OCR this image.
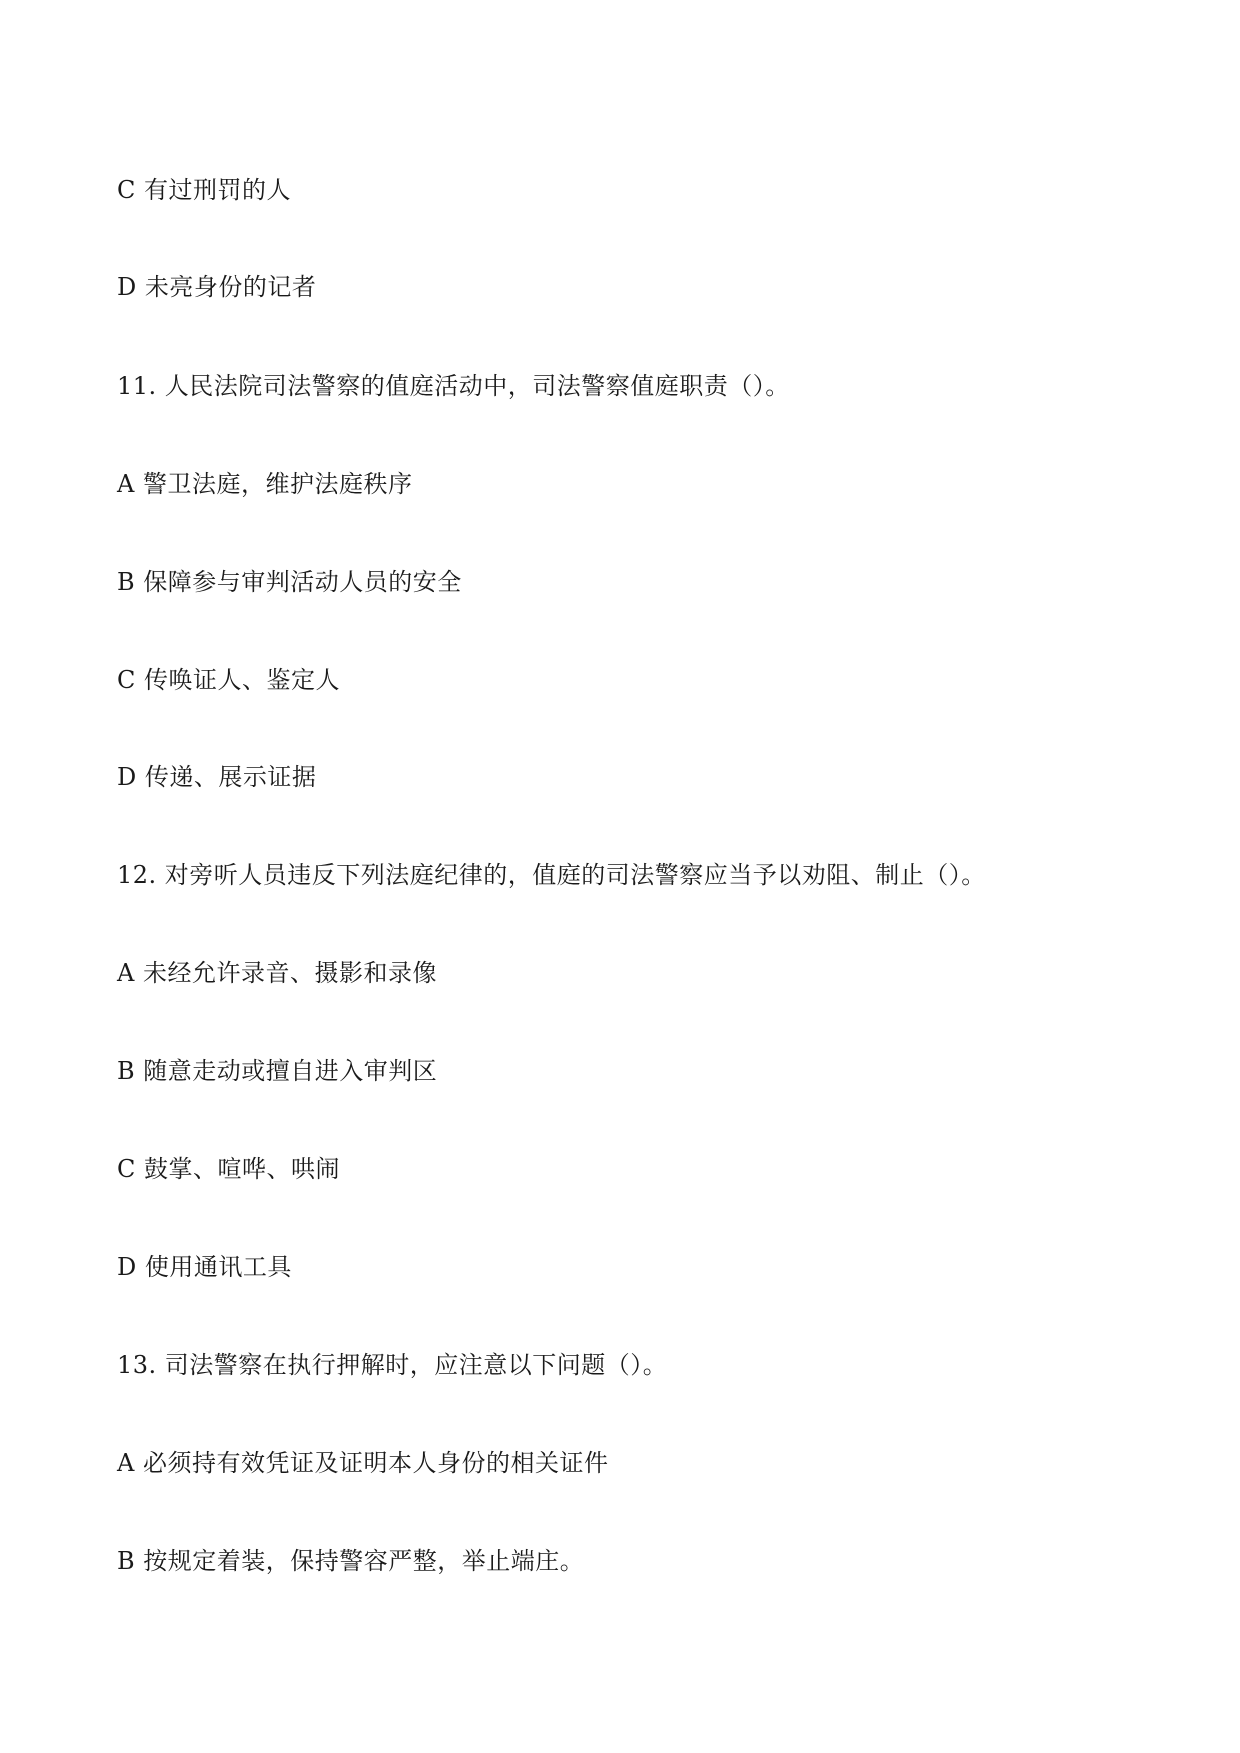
C 有过刑罚的人

D 未亮身份的记者

11. 人民法院司法警察的值庭活动中，司法警察值庭职责（）。

A 警卫法庭，维护法庭秩序

B 保障参与审判活动人员的安全

C 传唤证人、鉴定人

D 传递、展示证据

12. 对旁听人员违反下列法庭纪律的，值庭的司法警察应当予以劝阻、制止（）。

A 未经允许录音、摄影和录像

B 随意走动或擅自进入审判区

C 鼓掌、喧哗、哄闹

D 使用通讯工具

13. 司法警察在执行押解时，应注意以下问题（）。

A 必须持有效凭证及证明本人身份的相关证件

B 按规定着装，保持警容严整，举止端庄。
